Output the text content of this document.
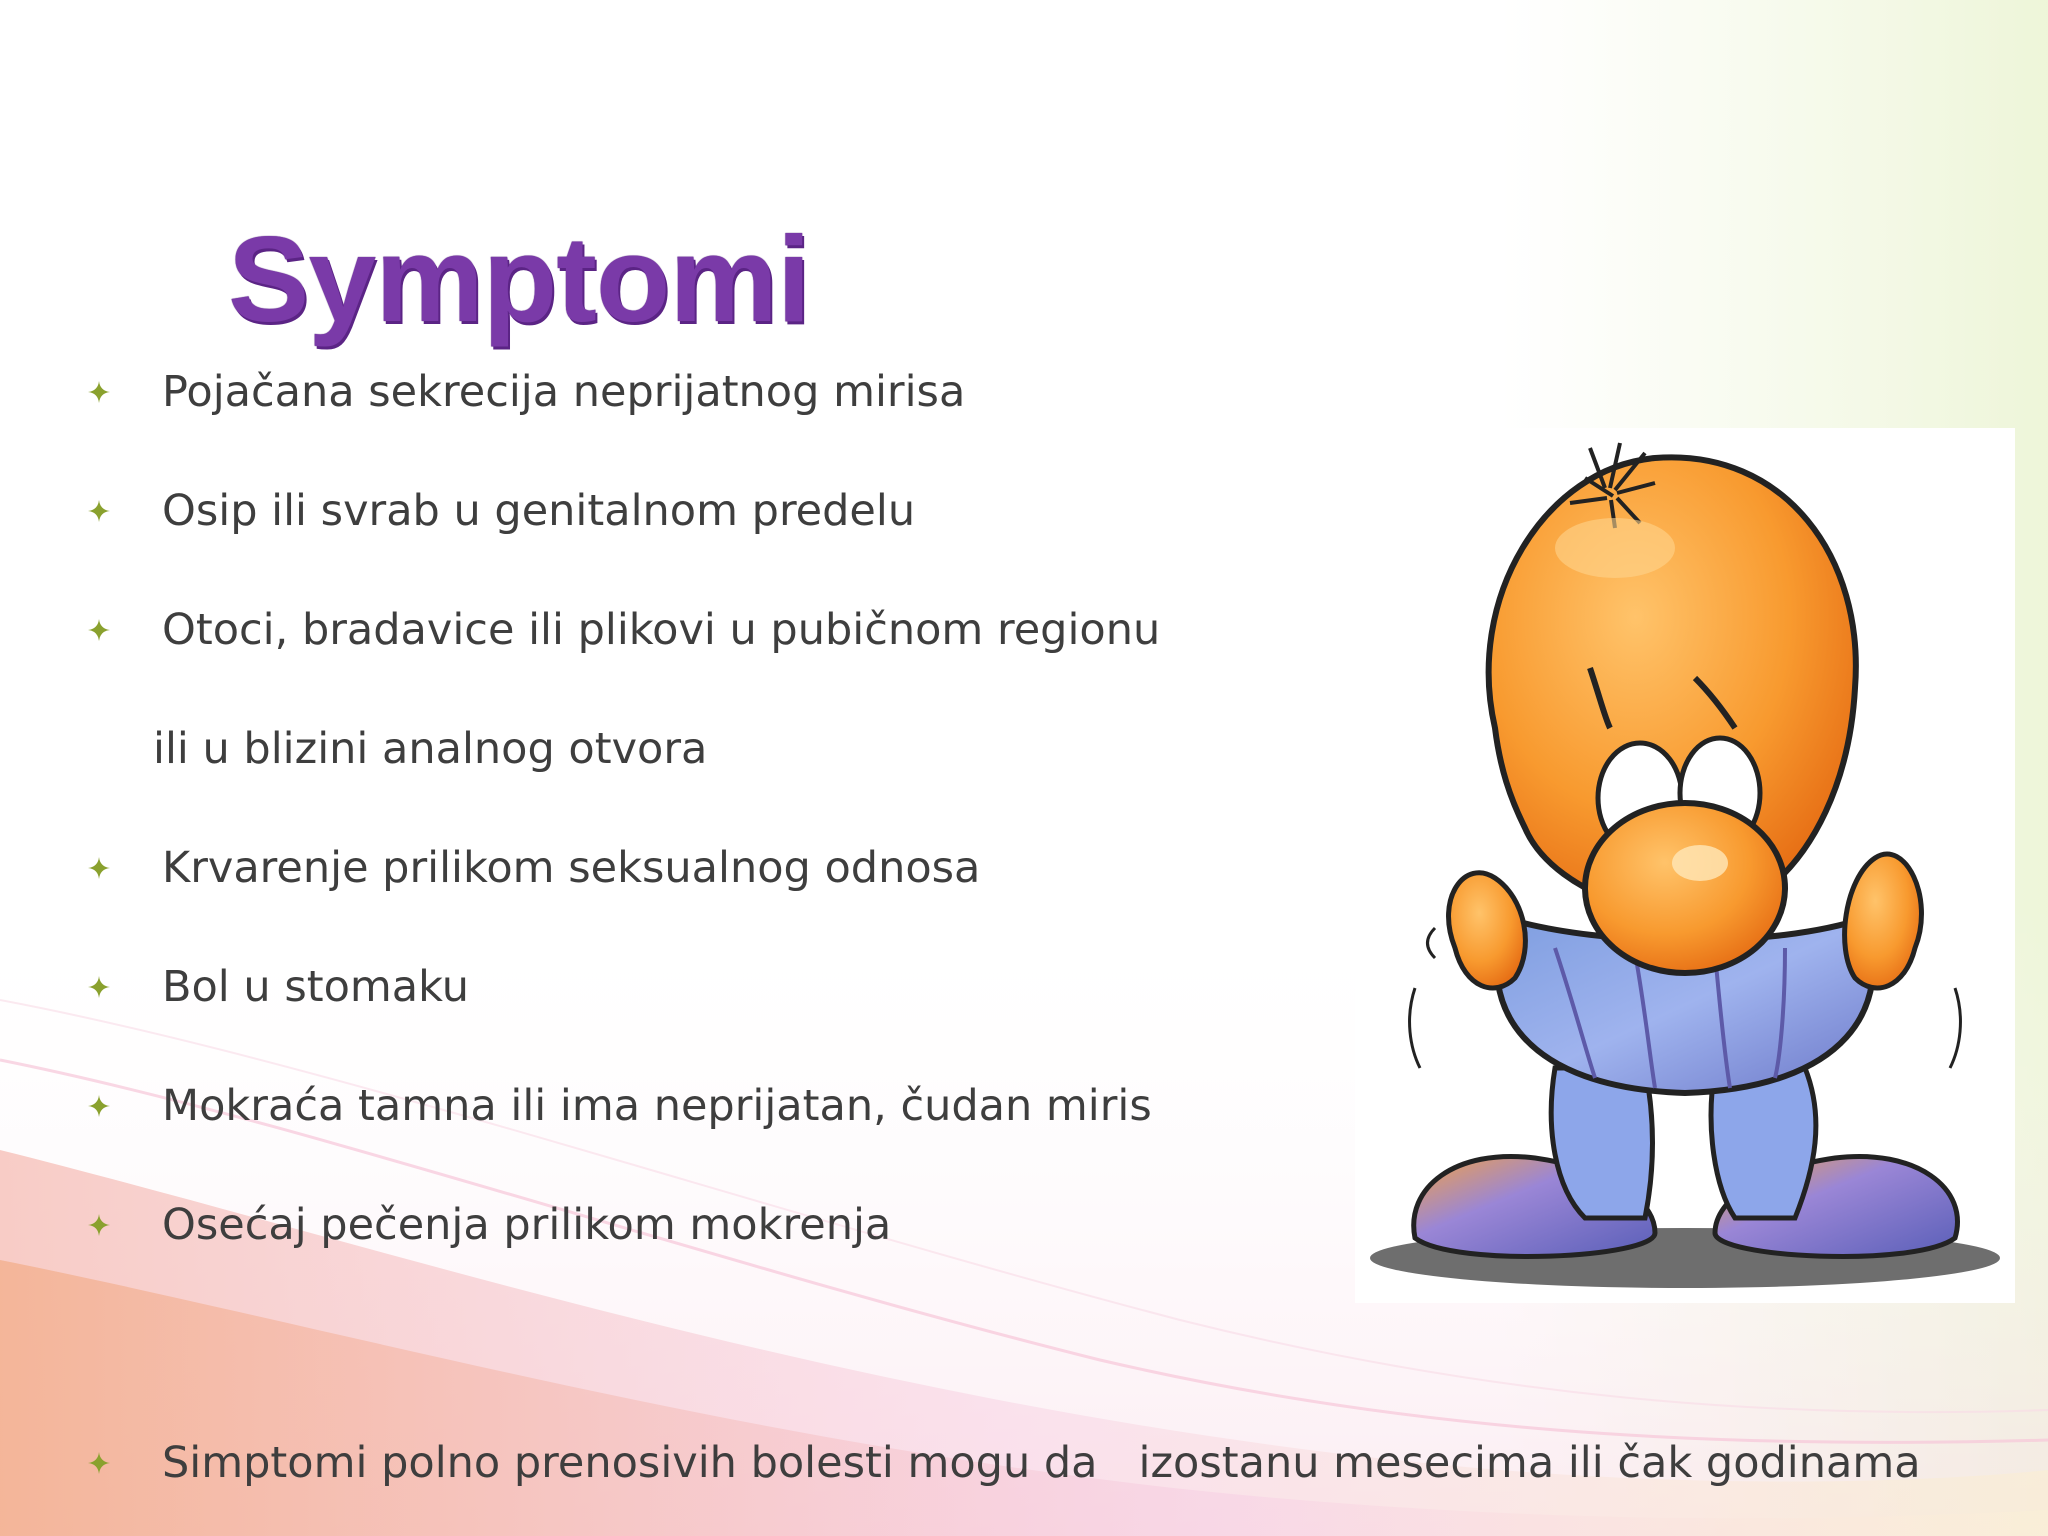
Symptomi
Pojačana sekrecija neprijatnog mirisa
Osip ili svrab u genitalnom predelu
Otoci, bradavice ili plikovi u pubičnom regionu
ili u blizini analnog otvora
Krvarenje prilikom seksualnog odnosa
Bol u stomaku
Mokraća tamna ili ima neprijatan, čudan miris
Osećaj pečenja prilikom mokrenja
Simptomi polno prenosivih bolesti mogu da   izostanu mesecima ili čak godinama
